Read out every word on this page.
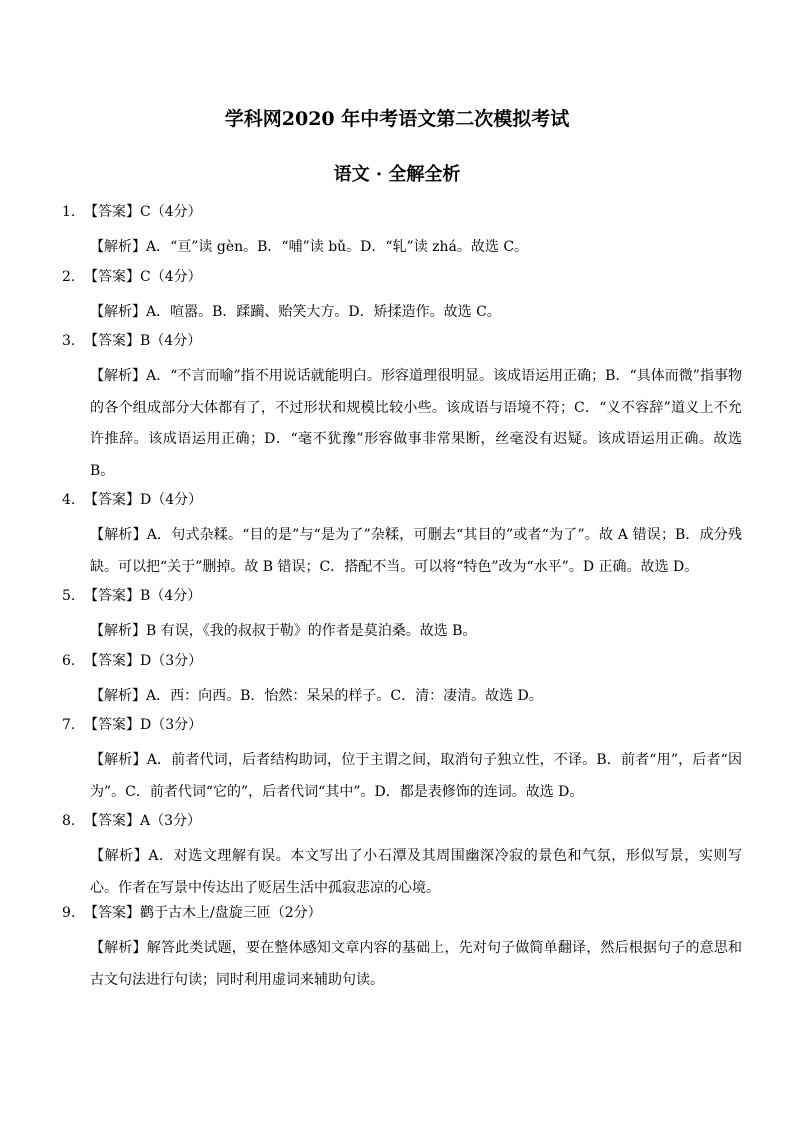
学科网2020 年中考语文第二次模拟考试
语文 · 全解全析
1. 【答案】C（4分）
【解析】A．“亘”读 gèn。B．“哺”读 bǔ。D．“轧”读 zhá。故选 C。
2. 【答案】C（4分）
【解析】A．喧嚣。B．蹂躏、贻笑大方。D．矫揉造作。故选 C。
3. 【答案】B（4分）
【解析】A．“不言而喻”指不用说话就能明白。形容道理很明显。该成语运用正确；B．“具体而微”指事物的各个组成部分大体都有了，不过形状和规模比较小些。该成语与语境不符；C．“义不容辞”道义上不允许推辞。该成语运用正确；D．“毫不犹豫”形容做事非常果断，丝毫没有迟疑。该成语运用正确。故选 B。
4. 【答案】D（4分）
【解析】A．句式杂糅。“目的是”与“是为了”杂糅，可删去“其目的”或者“为了”。故 A 错误；B．成分残缺。可以把“关于”删掉。故 B 错误；C．搭配不当。可以将“特色”改为“水平”。D 正确。故选 D。
5. 【答案】B（4分）
【解析】B 有误，《我的叔叔于勒》的作者是莫泊桑。故选 B。
6. 【答案】D（3分）
【解析】A．西：向西。B．怡然：呆呆的样子。C．清：凄清。故选 D。
7. 【答案】D（3分）
【解析】A．前者代词，后者结构助词，位于主谓之间，取消句子独立性，不译。B．前者“用”，后者“因为”。C．前者代词“它的”，后者代词“其中”。D．都是表修饰的连词。故选 D。
8. 【答案】A（3分）
【解析】A．对选文理解有误。本文写出了小石潭及其周围幽深冷寂的景色和气氛，形似写景，实则写心。作者在写景中传达出了贬居生活中孤寂悲凉的心境。
9. 【答案】鹳于古木上/盘旋三匝（2分）
【解析】解答此类试题，要在整体感知文章内容的基础上，先对句子做简单翻译，然后根据句子的意思和古文句法进行句读；同时利用虚词来辅助句读。
